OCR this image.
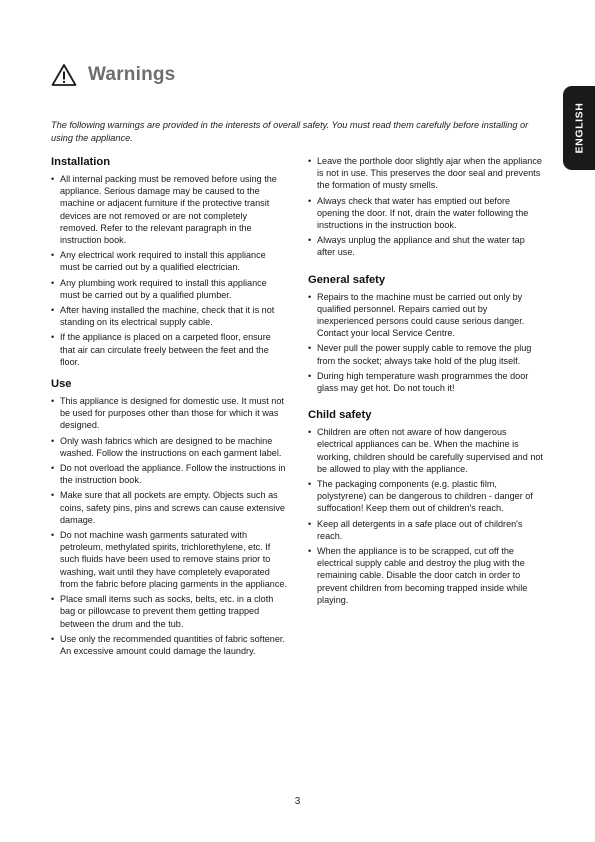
Warnings
ENGLISH

The following warnings are provided in the interests of overall safety. You must read them carefully before installing or using the appliance.

Installation
• All internal packing must be removed before using the appliance. Serious damage may be caused to the machine or adjacent furniture if the protective transit devices are not removed or are not completely removed. Refer to the relevant paragraph in the instruction book.
• Any electrical work required to install this appliance must be carried out by a qualified electrician.
• Any plumbing work required to install this appliance must be carried out by a qualified plumber.
• After having installed the machine, check that it is not standing on its electrical supply cable.
• If the appliance is placed on a carpeted floor, ensure that air can circulate freely between the feet and the floor.
Use
• This appliance is designed for domestic use. It must not be used for purposes other than those for which it was designed.
• Only wash fabrics which are designed to be machine washed. Follow the instructions on each garment label.
• Do not overload the appliance. Follow the instructions in the instruction book.
• Make sure that all pockets are empty. Objects such as coins, safety pins, pins and screws can cause extensive damage.
• Do not machine wash garments saturated with petroleum, methylated spirits, trichlorethylene, etc. If such fluids have been used to remove stains prior to washing, wait until they have completely evaporated from the fabric before placing garments in the appliance.
• Place small items such as socks, belts, etc. in a cloth bag or pillowcase to prevent them getting trapped between the drum and the tub.
• Use only the recommended quantities of fabric softener. An excessive amount could damage the laundry.
• Leave the porthole door slightly ajar when the appliance is not in use. This preserves the door seal and prevents the formation of musty smells.
• Always check that water has emptied out before opening the door. If not, drain the water following the instructions in the instruction book.
• Always unplug the appliance and shut the water tap after use.
General safety
• Repairs to the machine must be carried out only by qualified personnel. Repairs carried out by inexperienced persons could cause serious danger. Contact your local Service Centre.
• Never pull the power supply cable to remove the plug from the socket; always take hold of the plug itself.
• During high temperature wash programmes the door glass may get hot. Do not touch it!
Child safety
• Children are often not aware of how dangerous electrical appliances can be. When the machine is working, children should be carefully supervised and not be allowed to play with the appliance.
• The packaging components (e.g. plastic film, polystyrene) can be dangerous to children - danger of suffocation! Keep them out of children's reach.
• Keep all detergents in a safe place out of children's reach.
• When the appliance is to be scrapped, cut off the electrical supply cable and destroy the plug with the remaining cable. Disable the door catch in order to prevent children from becoming trapped inside while playing.
3
